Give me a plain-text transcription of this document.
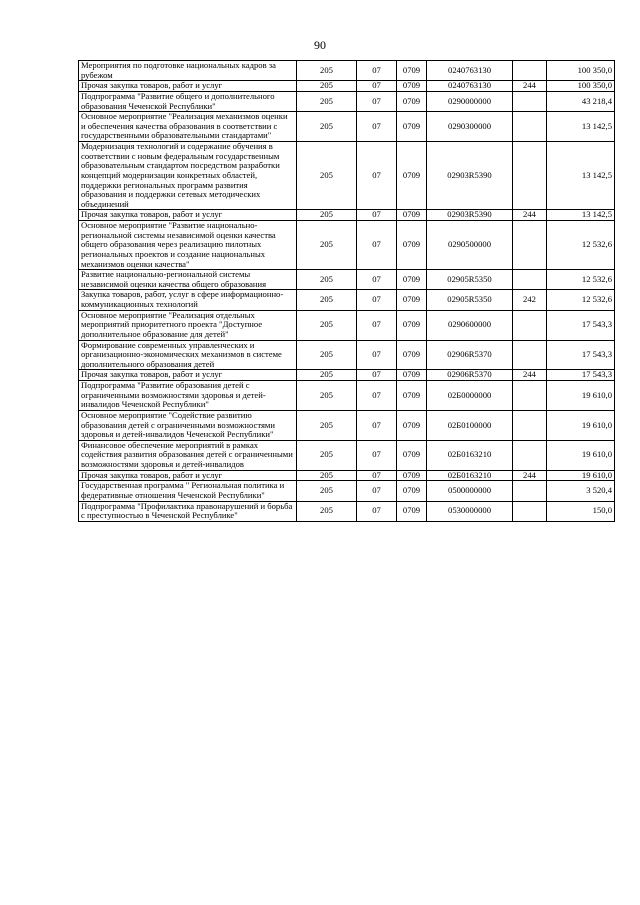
90
Мероприятия по подготовке национальных кадров за рубежом	205	07	0709	0240763130		100 350,0
Прочая закупка товаров, работ и услуг	205	07	0709	0240763130	244	100 350,0
Подпрограмма "Развитие общего и дополнительного образования Чеченской Республики"	205	07	0709	0290000000		43 218,4
Основное мероприятие "Реализация механизмов оценки и обеспечения качества образования в соответствии с государственными образовательными стандартами"	205	07	0709	0290300000		13 142,5
Модернизация технологий и содержание обучения в соответствии с новым федеральным государственным образовательным стандартом посредством разработки концепций модернизации конкретных областей, поддержки региональных программ развития образования и поддержки сетевых методических объединений	205	07	0709	02903R5390		13 142,5
Прочая закупка товаров, работ и услуг	205	07	0709	02903R5390	244	13 142,5
Основное мероприятие "Развитие национально-региональной системы независимой оценки качества общего образования через реализацию пилотных региональных проектов и создание национальных механизмов оценки качества"	205	07	0709	0290500000		12 532,6
Развитие национально-региональной системы независимой оценки качества общего образования	205	07	0709	02905R5350		12 532,6
Закупка товаров, работ, услуг в сфере информационно-коммуникационных технологий	205	07	0709	02905R5350	242	12 532,6
Основное мероприятие "Реализация отдельных мероприятий приоритетного проекта "Доступное дополнительное образование для детей"	205	07	0709	0290600000		17 543,3
Формирование современных управленческих и организационно-экономических механизмов в системе дополнительного образования детей	205	07	0709	02906R5370		17 543,3
Прочая закупка товаров, работ и услуг	205	07	0709	02906R5370	244	17 543,3
Подпрограмма "Развитие образования детей с ограниченными возможностями здоровья и детей-инвалидов Чеченской Республики"	205	07	0709	02Б0000000		19 610,0
Основное мероприятие "Содействие развитию образования детей с ограниченными возможностями здоровья и детей-инвалидов Чеченской Республики"	205	07	0709	02Б0100000		19 610,0
Финансовое обеспечение мероприятий в рамках содействия развития образования детей с ограниченными возможностями здоровья и детей-инвалидов	205	07	0709	02Б0163210		19 610,0
Прочая закупка товаров, работ и услуг	205	07	0709	02Б0163210	244	19 610,0
Государственная программа " Региональная политика и федеративные отношения Чеченской Республики"	205	07	0709	0500000000		3 520,4
Подпрограмма "Профилактика правонарушений и борьба с преступностью в Чеченской Республике"	205	07	0709	0530000000		150,0
